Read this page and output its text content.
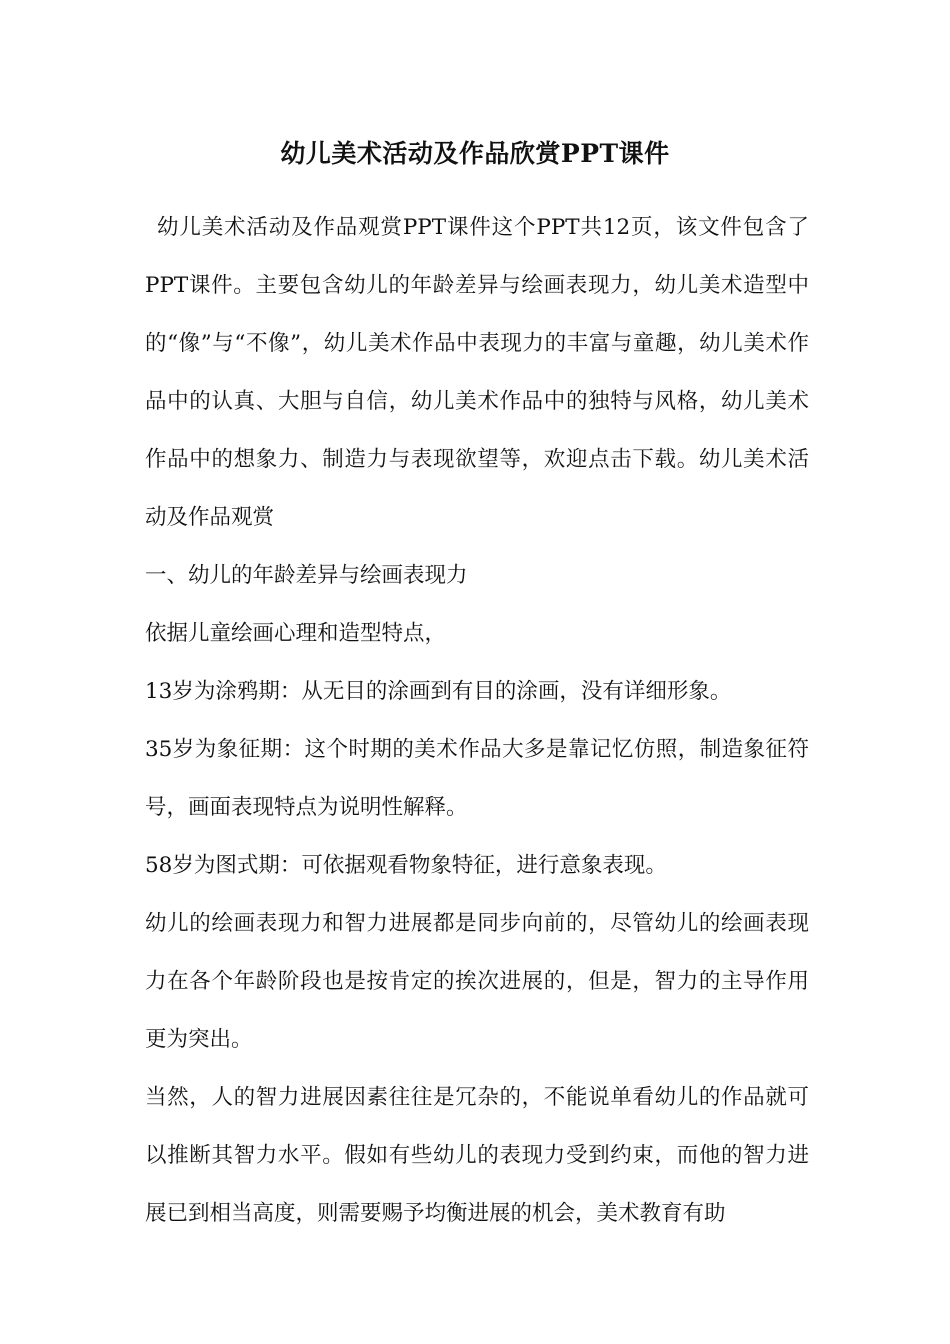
幼儿美术活动及作品欣赏PPT课件

幼儿美术活动及作品观赏PPT课件这个PPT共12页，该文件包含了PPT课件。主要包含幼儿的年龄差异与绘画表现力，幼儿美术造型中的“像”与“不像”，幼儿美术作品中表现力的丰富与童趣，幼儿美术作品中的认真、大胆与自信，幼儿美术作品中的独特与风格，幼儿美术作品中的想象力、制造力与表现欲望等，欢迎点击下载。幼儿美术活动及作品观赏

一、幼儿的年龄差异与绘画表现力

依据儿童绘画心理和造型特点，

13岁为涂鸦期：从无目的涂画到有目的涂画，没有详细形象。

35岁为象征期：这个时期的美术作品大多是靠记忆仿照，制造象征符号，画面表现特点为说明性解释。

58岁为图式期：可依据观看物象特征，进行意象表现。

幼儿的绘画表现力和智力进展都是同步向前的，尽管幼儿的绘画表现力在各个年龄阶段也是按肯定的挨次进展的，但是，智力的主导作用更为突出。

当然，人的智力进展因素往往是冗杂的，不能说单看幼儿的作品就可以推断其智力水平。假如有些幼儿的表现力受到约束，而他的智力进展已到相当高度，则需要赐予均衡进展的机会，美术教育有助
